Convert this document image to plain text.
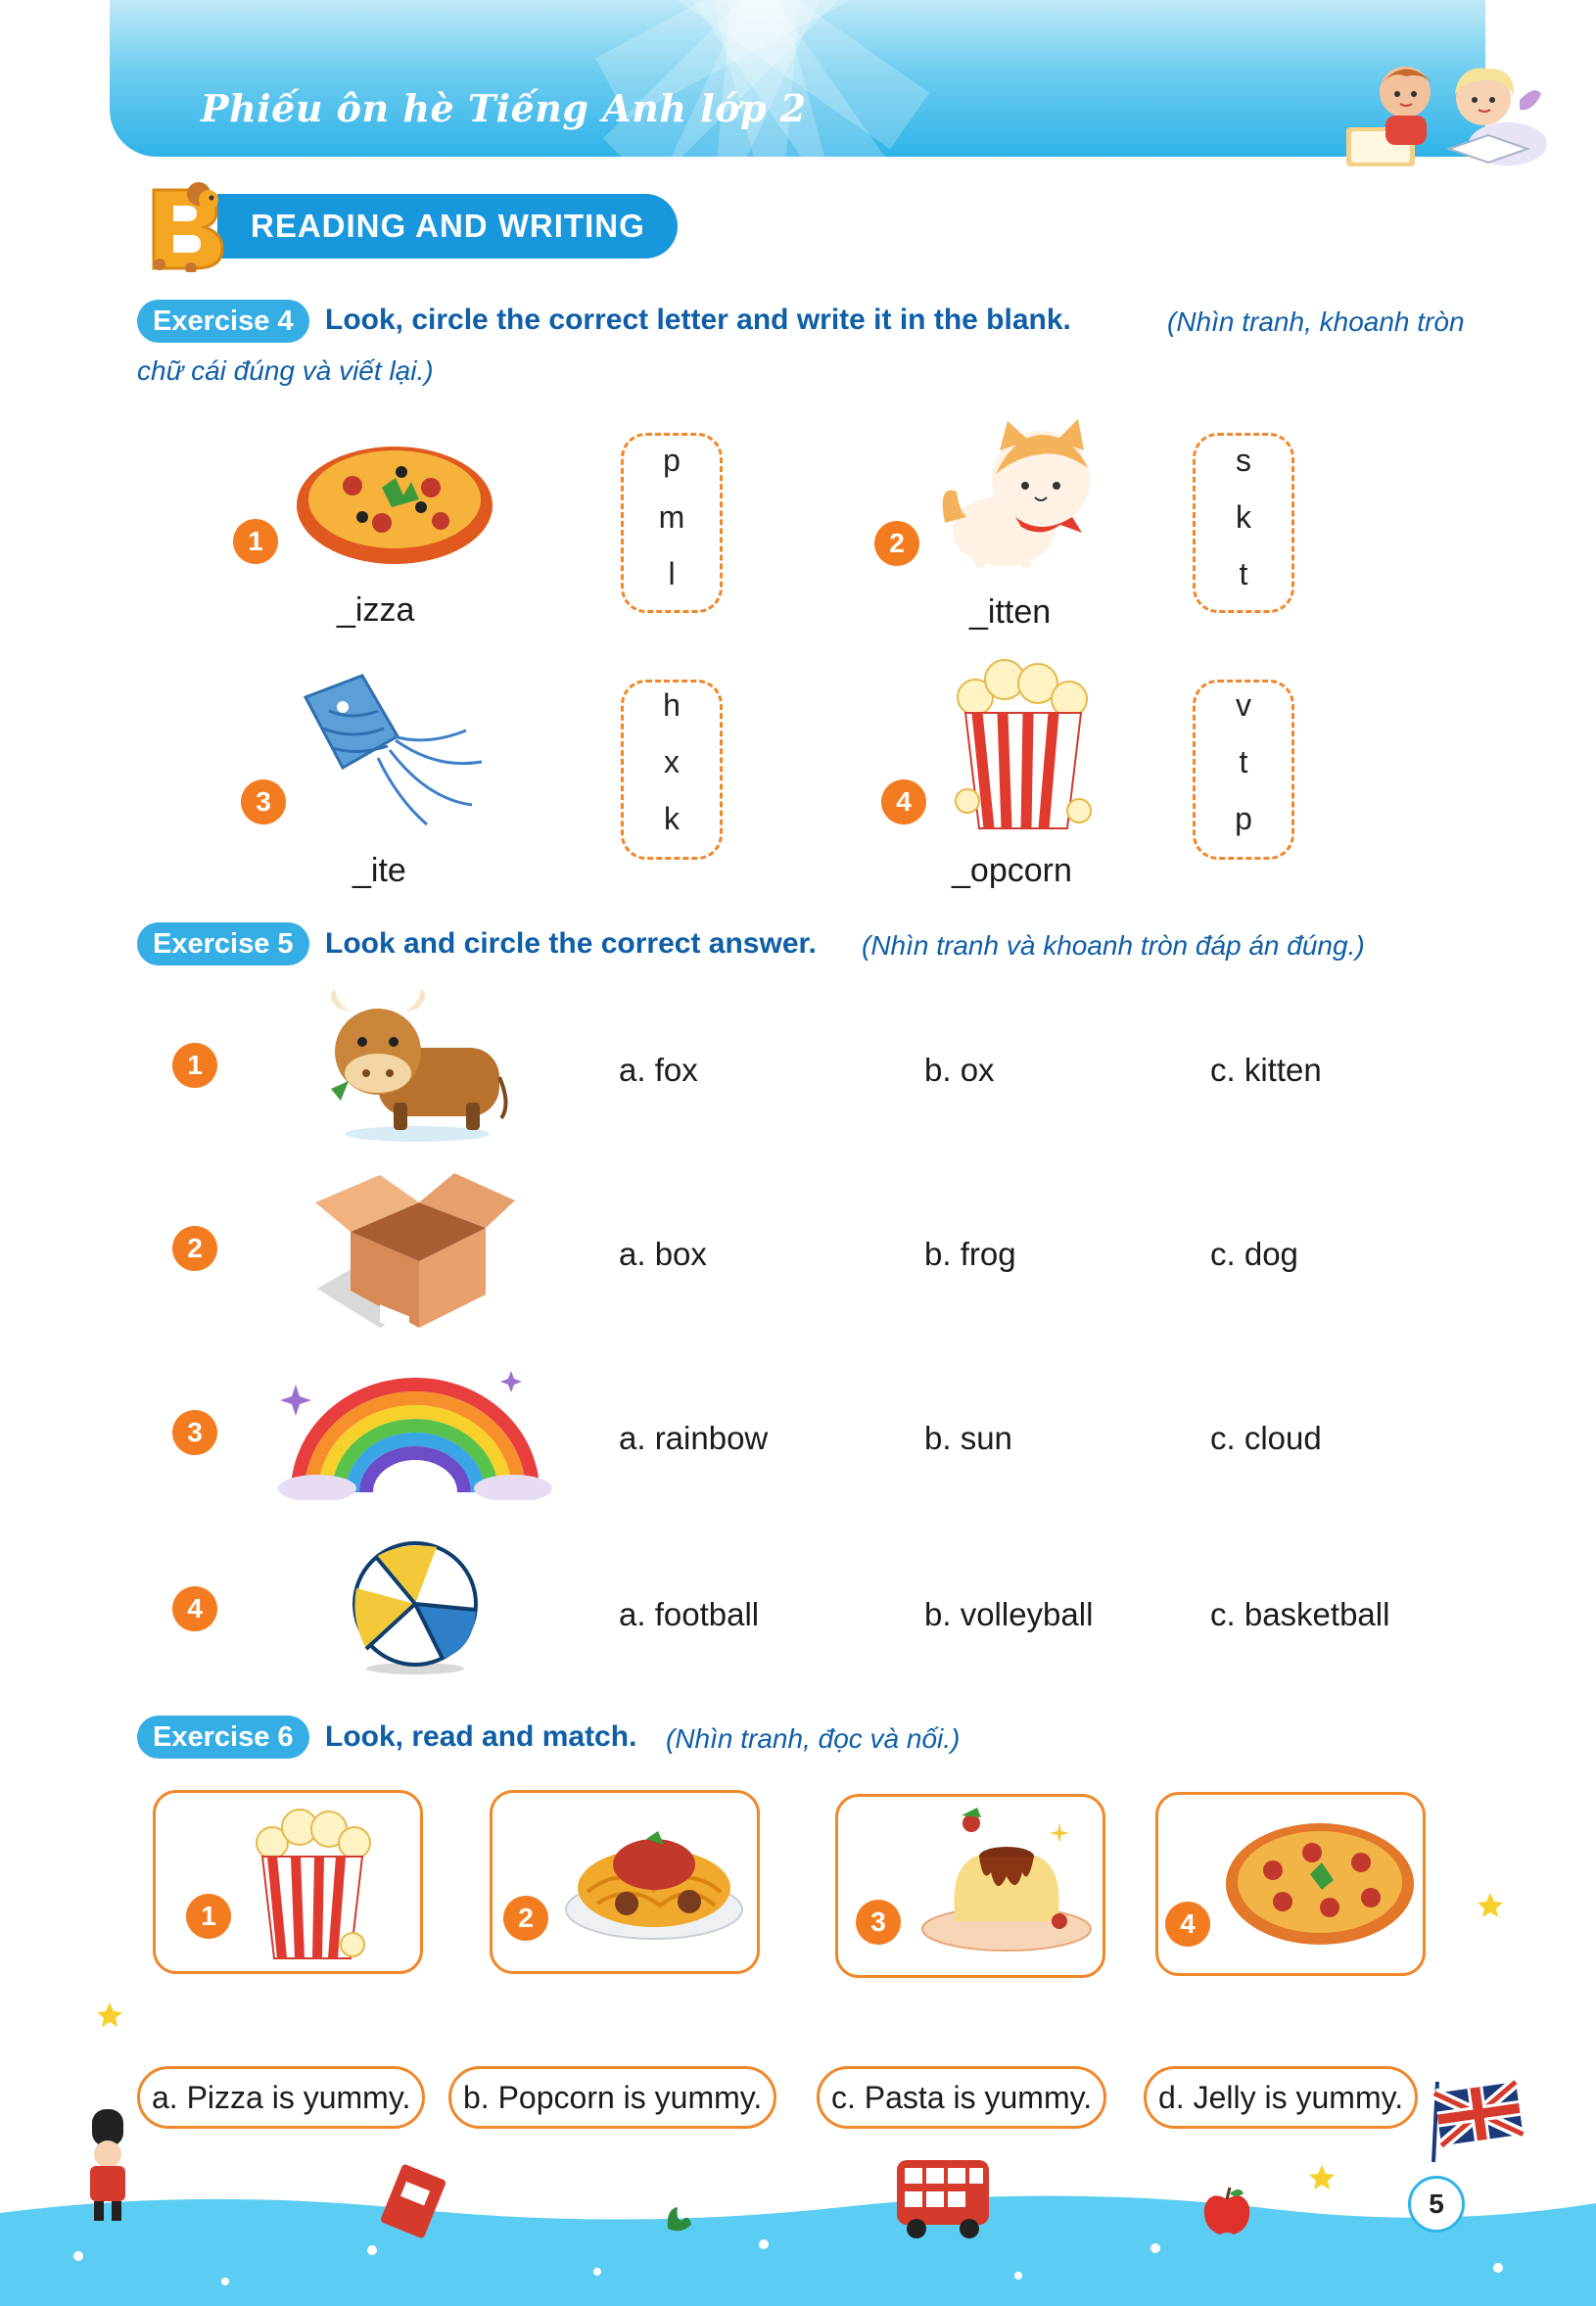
Phiếu ôn hè Tiếng Anh lớp 2
READING AND WRITING
Exercise 4	Look, circle the correct letter and write it in the blank.	(Nhìn tranh, khoanh tròn
chữ cái đúng và viết lại.)
1
_izza
p
m
l
2
_itten
s
k
t
3
_ite
h
x
k	4
_opcorn
v
t
p
Exercise 5	Look and circle the correct answer. (Nhìn tranh và khoanh tròn đáp án đúng.)
1	a. fox	b. ox	c. kitten
2	a. box	b. frog	c. dog
3	a. rainbow	b. sun	c. cloud
4	a. football	b. volleyball	c. basketball
Exercise 6	Look, read and match. (Nhìn tranh, đọc và nối.)
1	2	3	4
a. Pizza is yummy.	b. Popcorn is yummy.	c. Pasta is yummy.	d. Jelly is yummy.
5
